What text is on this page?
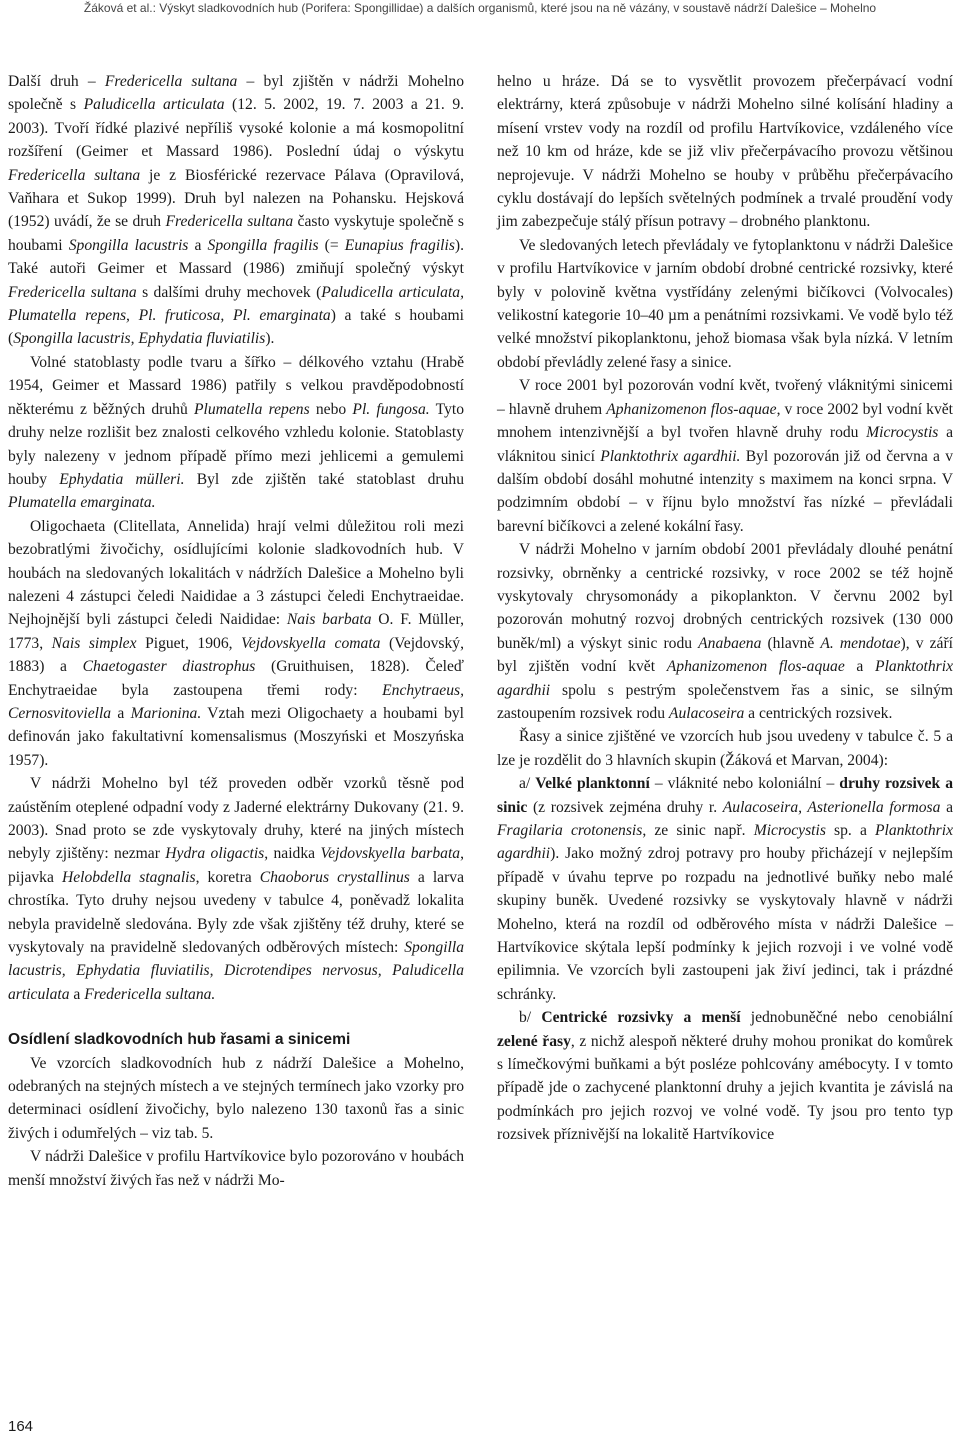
Žáková et al.: Výskyt sladkovodních hub (Porifera: Spongillidae) a dalších organismů, které jsou na ně vázány, v soustavě nádrží Dalešice – Mohelno

Další druh – Fredericella sultana – byl zjištěn v nádrži Mohelno společně s Paludicella articulata (12. 5. 2002, 19. 7. 2003 a 21. 9. 2003). Tvoří řídké plazivé nepříliš vysoké kolonie a má kosmopolitní rozšíření (Geimer et Massard 1986). Poslední údaj o výskytu Fredericella sultana je z Biosférické rezervace Pálava (Opravilová, Vaňhara et Sukop 1999). Druh byl nalezen na Pohansku. Hejsková (1952) uvádí, že se druh Fredericella sultana často vyskytuje společně s houbami Spongilla lacustris a Spongilla fragilis (= Eunapius fragilis). Také autoři Geimer et Massard (1986) zmiňují společný výskyt Fredericella sultana s dalšími druhy mechovek (Paludicella articulata, Plumatella repens, Pl. fruticosa, Pl. emarginata) a také s houbami (Spongilla lacustris, Ephydatia fluviatilis).

Volné statoblasty podle tvaru a šířko – délkového vztahu (Hrabě 1954, Geimer et Massard 1986) patřily s velkou pravděpodobností některému z běžných druhů Plumatella repens nebo Pl. fungosa. Tyto druhy nelze rozlišit bez znalosti celkového vzhledu kolonie. Statoblasty byly nalezeny v jednom případě přímo mezi jehlicemi a gemulemi houby Ephydatia mülleri. Byl zde zjištěn také statoblast druhu Plumatella emarginata.

Oligochaeta (Clitellata, Annelida) hrají velmi důležitou roli mezi bezobratlými živočichy, osídlujícími kolonie sladkovodních hub. V houbách na sledovaných lokalitách v nádržích Dalešice a Mohelno byli nalezeni 4 zástupci čeledi Naididae a 3 zástupci čeledi Enchytraeidae. Nejhojnější byli zástupci čeledi Naididae: Nais barbata O. F. Müller, 1773, Nais simplex Piguet, 1906, Vejdovskyella comata (Vejdovský, 1883) a Chaetogaster diastrophus (Gruithuisen, 1828). Čeleď Enchytraeidae byla zastoupena třemi rody: Enchytraeus, Cernosvitoviella a Marionina. Vztah mezi Oligochaety a houbami byl definován jako fakultativní komensalismus (Moszyński et Moszyńska 1957).

V nádrži Mohelno byl též proveden odběr vzorků těsně pod zaústěním oteplené odpadní vody z Jaderné elektrárny Dukovany (21. 9. 2003). Snad proto se zde vyskytovaly druhy, které na jiných místech nebyly zjištěny: nezmar Hydra oligactis, naidka Vejdovskyella barbata, pijavka Helobdella stagnalis, koretra Chaoborus crystallinus a larva chrostíka. Tyto druhy nejsou uvedeny v tabulce 4, poněvadž lokalita nebyla pravidelně sledována. Byly zde však zjištěny též druhy, které se vyskytovaly na pravidelně sledovaných odběrových místech: Spongilla lacustris, Ephydatia fluviatilis, Dicrotendipes nervosus, Paludicella articulata a Fredericella sultana.

Osídlení sladkovodních hub řasami a sinicemi

Ve vzorcích sladkovodních hub z nádrží Dalešice a Mohelno, odebraných na stejných místech a ve stejných termínech jako vzorky pro determinaci osídlení živočichy, bylo nalezeno 130 taxonů řas a sinic živých i odumřelých – viz tab. 5.

V nádrži Dalešice v profilu Hartvíkovice bylo pozorováno v houbách menší množství živých řas než v nádrži Mo-

helno u hráze. Dá se to vysvětlit provozem přečerpávací vodní elektrárny, která způsobuje v nádrži Mohelno silné kolísání hladiny a mísení vrstev vody na rozdíl od profilu Hartvíkovice, vzdáleného více než 10 km od hráze, kde se již vliv přečerpávacího provozu většinou neprojevuje. V nádrži Mohelno se houby v průběhu přečerpávacího cyklu dostávají do lepších světelných podmínek a trvalé proudění vody jim zabezpečuje stálý přísun potravy – drobného planktonu.

Ve sledovaných letech převládaly ve fytoplanktonu v nádrži Dalešice v profilu Hartvíkovice v jarním období drobné centrické rozsivky, které byly v polovině května vystřídány zelenými bičíkovci (Volvocales) velikostní kategorie 10–40 µm a penátními rozsivkami. Ve vodě bylo též velké množství pikoplanktonu, jehož biomasa však byla nízká. V letním období převládly zelené řasy a sinice.

V roce 2001 byl pozorován vodní květ, tvořený vláknitými sinicemi – hlavně druhem Aphanizomenon flos-aquae, v roce 2002 byl vodní květ mnohem intenzivnější a byl tvořen hlavně druhy rodu Microcystis a vláknitou sinicí Planktothrix agardhii. Byl pozorován již od června a v dalším období dosáhl mohutné intenzity s maximem na konci srpna. V podzimním období – v říjnu bylo množství řas nízké – převládali barevní bičíkovci a zelené kokální řasy.

V nádrži Mohelno v jarním období 2001 převládaly dlouhé penátní rozsivky, obrněnky a centrické rozsivky, v roce 2002 se též hojně vyskytovaly chrysomonády a pikoplankton. V červnu 2002 byl pozorován mohutný rozvoj drobných centrických rozsivek (130 000 buněk/ml) a výskyt sinic rodu Anabaena (hlavně A. mendotae), v září byl zjištěn vodní květ Aphanizomenon flos-aquae a Planktothrix agardhii spolu s pestrým společenstvem řas a sinic, se silným zastoupením rozsivek rodu Aulacoseira a centrických rozsivek.

Řasy a sinice zjištěné ve vzorcích hub jsou uvedeny v tabulce č. 5 a lze je rozdělit do 3 hlavních skupin (Žáková et Marvan, 2004):

a/ Velké planktonní – vláknité nebo koloniální – druhy rozsivek a sinic (z rozsivek zejména druhy r. Aulacoseira, Asterionella formosa a Fragilaria crotonensis, ze sinic např. Microcystis sp. a Planktothrix agardhii). Jako možný zdroj potravy pro houby přicházejí v nejlepším případě v úvahu teprve po rozpadu na jednotlivé buňky nebo malé skupiny buněk. Uvedené rozsivky se vyskytovaly hlavně v nádrži Mohelno, která na rozdíl od odběrového místa v nádrži Dalešice – Hartvíkovice skýtala lepší podmínky k jejich rozvoji i ve volné vodě epilimnia. Ve vzorcích byli zastoupeni jak živí jedinci, tak i prázdné schránky.

b/ Centrické rozsivky a menší jednobuněčné nebo cenobiální zelené řasy, z nichž alespoň některé druhy mohou pronikat do komůrek s límečkovými buňkami a být posléze pohlcovány amébocyty. I v tomto případě jde o zachycené planktonní druhy a jejich kvantita je závislá na podmínkách pro jejich rozvoj ve volné vodě. Ty jsou pro tento typ rozsivek příznivější na lokalitě Hartvíkovice

164
